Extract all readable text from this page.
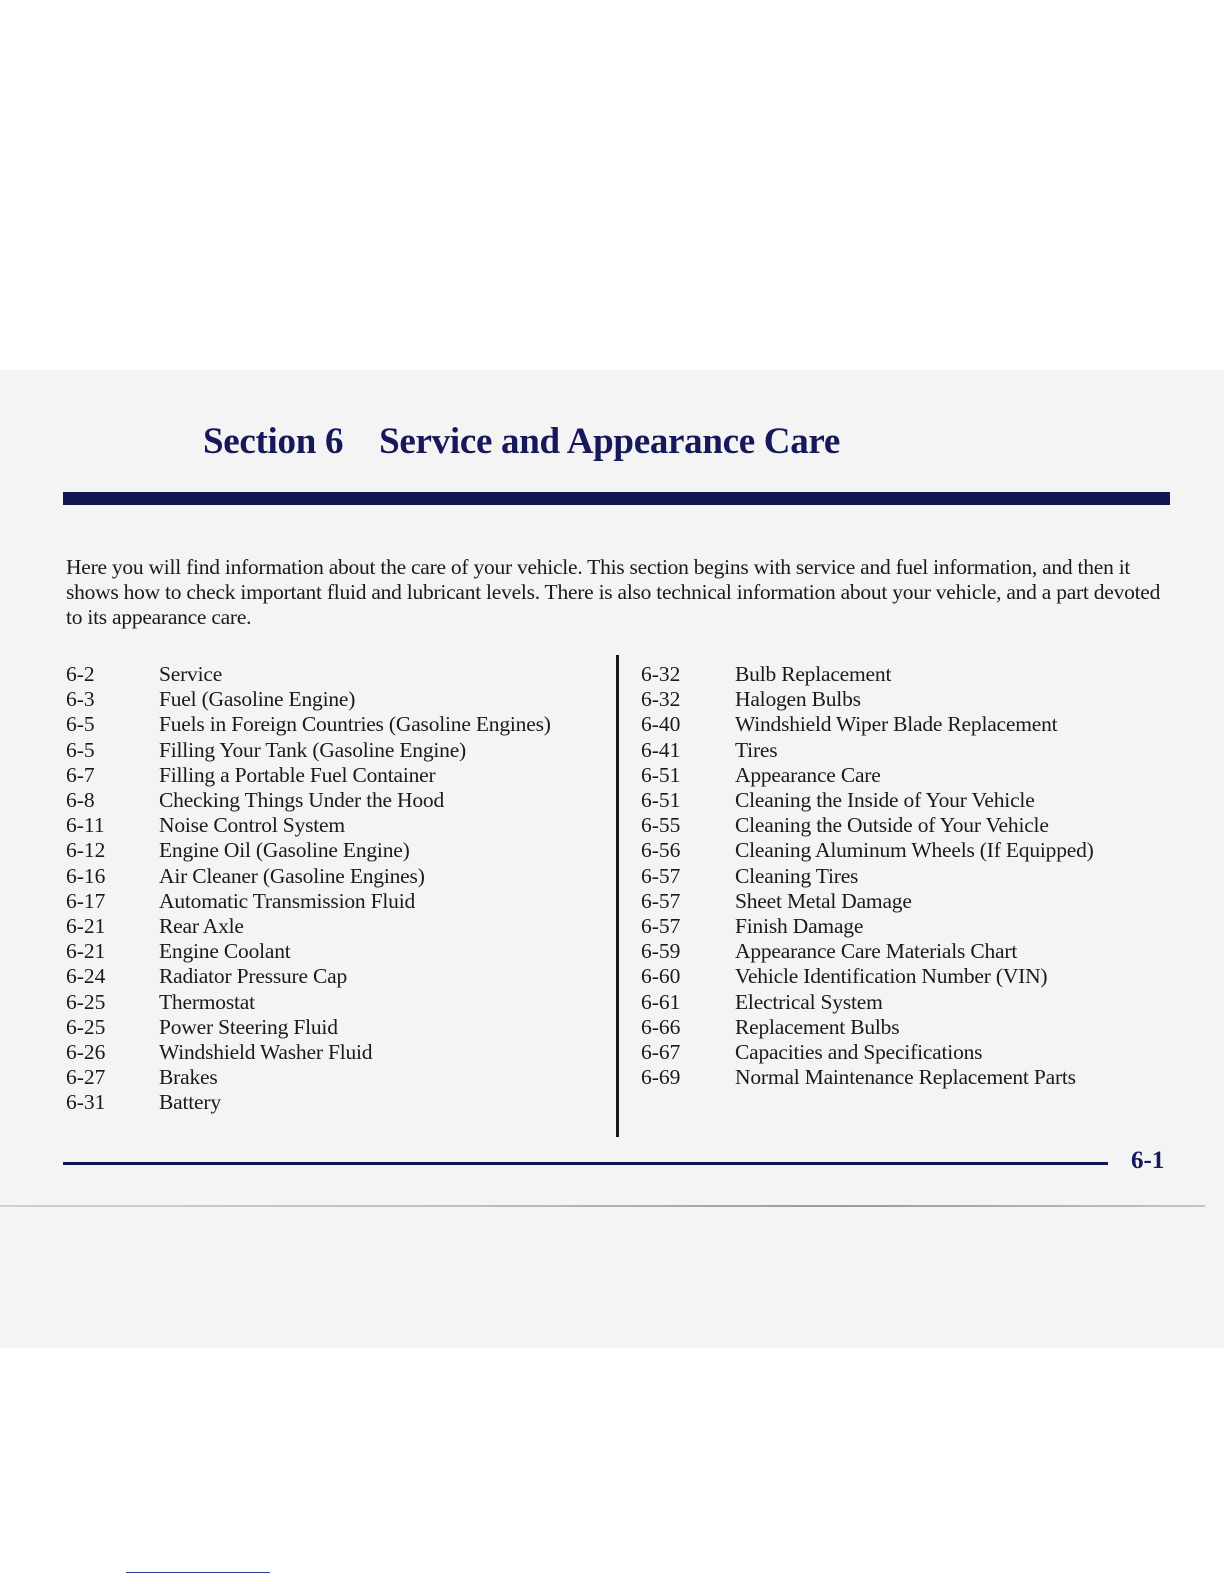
Section 6 Service and Appearance Care

Here you will find information about the care of your vehicle. This section begins with service and fuel information, and then it shows how to check important fluid and lubricant levels. There is also technical information about your vehicle, and a part devoted to its appearance care.

6-2	Service
6-3	Fuel (Gasoline Engine)
6-5	Fuels in Foreign Countries (Gasoline Engines)
6-5	Filling Your Tank (Gasoline Engine)
6-7	Filling a Portable Fuel Container
6-8	Checking Things Under the Hood
6-11	Noise Control System
6-12	Engine Oil (Gasoline Engine)
6-16	Air Cleaner (Gasoline Engines)
6-17	Automatic Transmission Fluid
6-21	Rear Axle
6-21	Engine Coolant
6-24	Radiator Pressure Cap
6-25	Thermostat
6-25	Power Steering Fluid
6-26	Windshield Washer Fluid
6-27	Brakes
6-31	Battery
6-32	Bulb Replacement
6-32	Halogen Bulbs
6-40	Windshield Wiper Blade Replacement
6-41	Tires
6-51	Appearance Care
6-51	Cleaning the Inside of Your Vehicle
6-55	Cleaning the Outside of Your Vehicle
6-56	Cleaning Aluminum Wheels (If Equipped)
6-57	Cleaning Tires
6-57	Sheet Metal Damage
6-57	Finish Damage
6-59	Appearance Care Materials Chart
6-60	Vehicle Identification Number (VIN)
6-61	Electrical System
6-66	Replacement Bulbs
6-67	Capacities and Specifications
6-69	Normal Maintenance Replacement Parts
6-1
